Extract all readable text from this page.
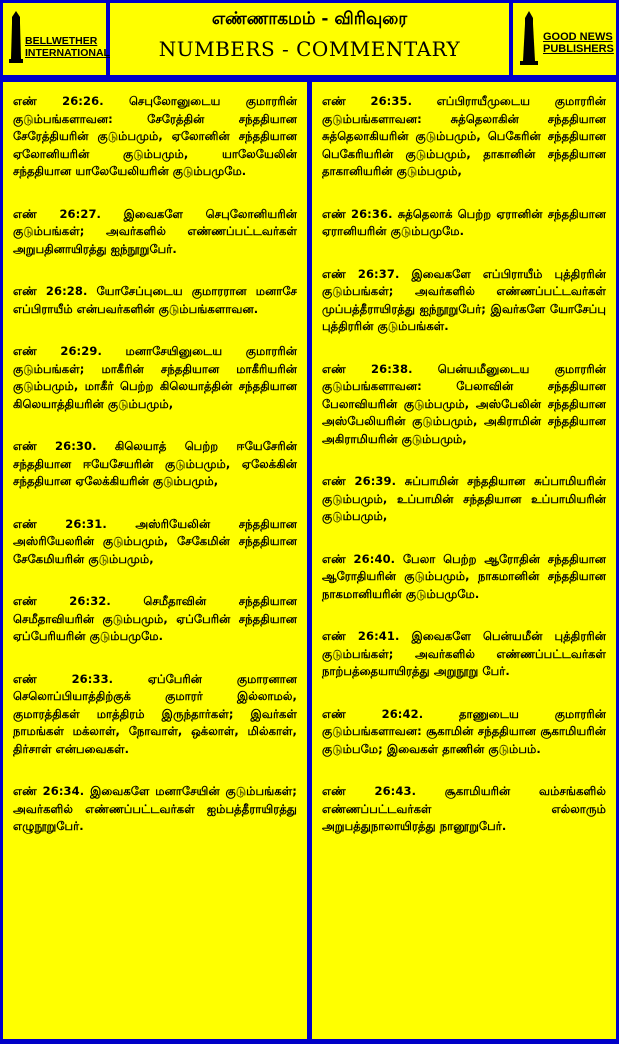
BELLWETHER
INTERNATIONAL
எண்ணாகமம் - விரிவுரை
NUMBERS - COMMENTARY	GOOD NEWS
PUBLISHERS

எண் 26:26. செபுலோனுடைய குமாரரின் குடும்பங்களாவன: சேரேத்தின் சந்ததியான சேரேத்தியரின் குடும்பமும், ஏலோனின் சந்ததியான ஏலோனியரின் குடும்பமும், யாலேயேலின் சந்ததியான யாலேயேலியரின் குடும்பமுமே.

எண் 26:27. இவைகளே செபுலோனியரின் குடும்பங்கள்; அவர்களில் எண்ணப்பட்டவர்கள் அறுபதினாயிரத்து ஐந்நூறுபேர்.

எண் 26:28. யோசேப்புடைய குமாரரான மனாசே எப்பிராயீம் என்பவர்களின் குடும்பங்களாவன.

எண் 26:29. மனாசேயினுடைய குமாரரின் குடும்பங்கள்; மாகீரின் சந்ததியான மாகீரியரின் குடும்பமும், மாகீர் பெற்ற கிலெயாத்தின் சந்ததியான கிலெயாத்தியரின் குடும்பமும்,

எண் 26:30. கிலெயாத் பெற்ற ஈயேசேரின் சந்ததியான ஈயேசேயரின் குடும்பமும், ஏலேக்கின் சந்ததியான ஏலேக்கியரின் குடும்பமும்,

எண் 26:31. அஸ்ரியேலின் சந்ததியான அஸ்ரியேலரின் குடும்பமும், சேகேமின் சந்ததியான சேகேமியரின் குடும்பமும்,

எண் 26:32. செமீதாவின் சந்ததியான செமீதாவியரின் குடும்பமும், ஏப்பேரின் சந்ததியான ஏப்பேரியரின் குடும்பமுமே.

எண் 26:33. ஏப்பேரின் குமாரனான செலொப்பியாத்திற்குக் குமாரர் இல்லாமல், குமாரத்திகள் மாத்திரம் இருந்தார்கள்; இவர்கள் நாமங்கள் மக்லாள், நோவாள், ஒக்லாள், மில்காள், திர்சாள் என்பவைகள்.

எண் 26:34. இவைகளே மனாசேயின் குடும்பங்கள்; அவர்களில் எண்ணப்பட்டவர்கள் ஐம்பத்தீராயிரத்து எழுநூறுபேர்.

எண் 26:35. எப்பிராயீமுடைய குமாரரின் குடும்பங்களாவன: சுத்தெலாகின் சந்ததியான சுத்தெலாகியரின் குடும்பமும், பெகேரின் சந்ததியான பெகேரியரின் குடும்பமும், தாகானின் சந்ததியான தாகானியரின் குடும்பமும்,

எண் 26:36. சுத்தெலாக் பெற்ற ஏரானின் சந்ததியான ஏரானியரின் குடும்பமுமே.

எண் 26:37. இவைகளே எப்பிராயீம் புத்திரரின் குடும்பங்கள்; அவர்களில் எண்ணப்பட்டவர்கள் முப்பத்தீராயிரத்து ஐந்நூறுபேர்; இவர்களே யோசேப்பு புத்திரரின் குடும்பங்கள்.

எண் 26:38. பென்யமீனுடைய குமாரரின் குடும்பங்களாவன: பேலாவின் சந்ததியான பேலாவியரின் குடும்பமும், அஸ்பேலின் சந்ததியான அஸ்பேலியரின் குடும்பமும், அகிராமின் சந்ததியான அகிராமியரின் குடும்பமும்,

எண் 26:39. சுப்பாமின் சந்ததியான சுப்பாமியரின் குடும்பமும், உப்பாமின் சந்ததியான உப்பாமியரின் குடும்பமும்,

எண் 26:40. பேலா பெற்ற ஆரோதின் சந்ததியான ஆரோதியரின் குடும்பமும், நாகமானின் சந்ததியான நாகமானியரின் குடும்பமுமே.

எண் 26:41. இவைகளே பென்யமீன் புத்திரரின் குடும்பங்கள்; அவர்களில் எண்ணப்பட்டவர்கள் நாற்பத்தையாயிரத்து அறுநூறு பேர்.

எண் 26:42. தாணுடைய குமாரரின் குடும்பங்களாவன: சூகாமின் சந்ததியான சூகாமியரின் குடும்பமே; இவைகள் தாணின் குடும்பம்.

எண் 26:43. சூகாமியரின் வம்சங்களில் எண்ணப்பட்டவர்கள் எல்லாரும் அறுபத்துநாலாயிரத்து நானூறுபேர்.
